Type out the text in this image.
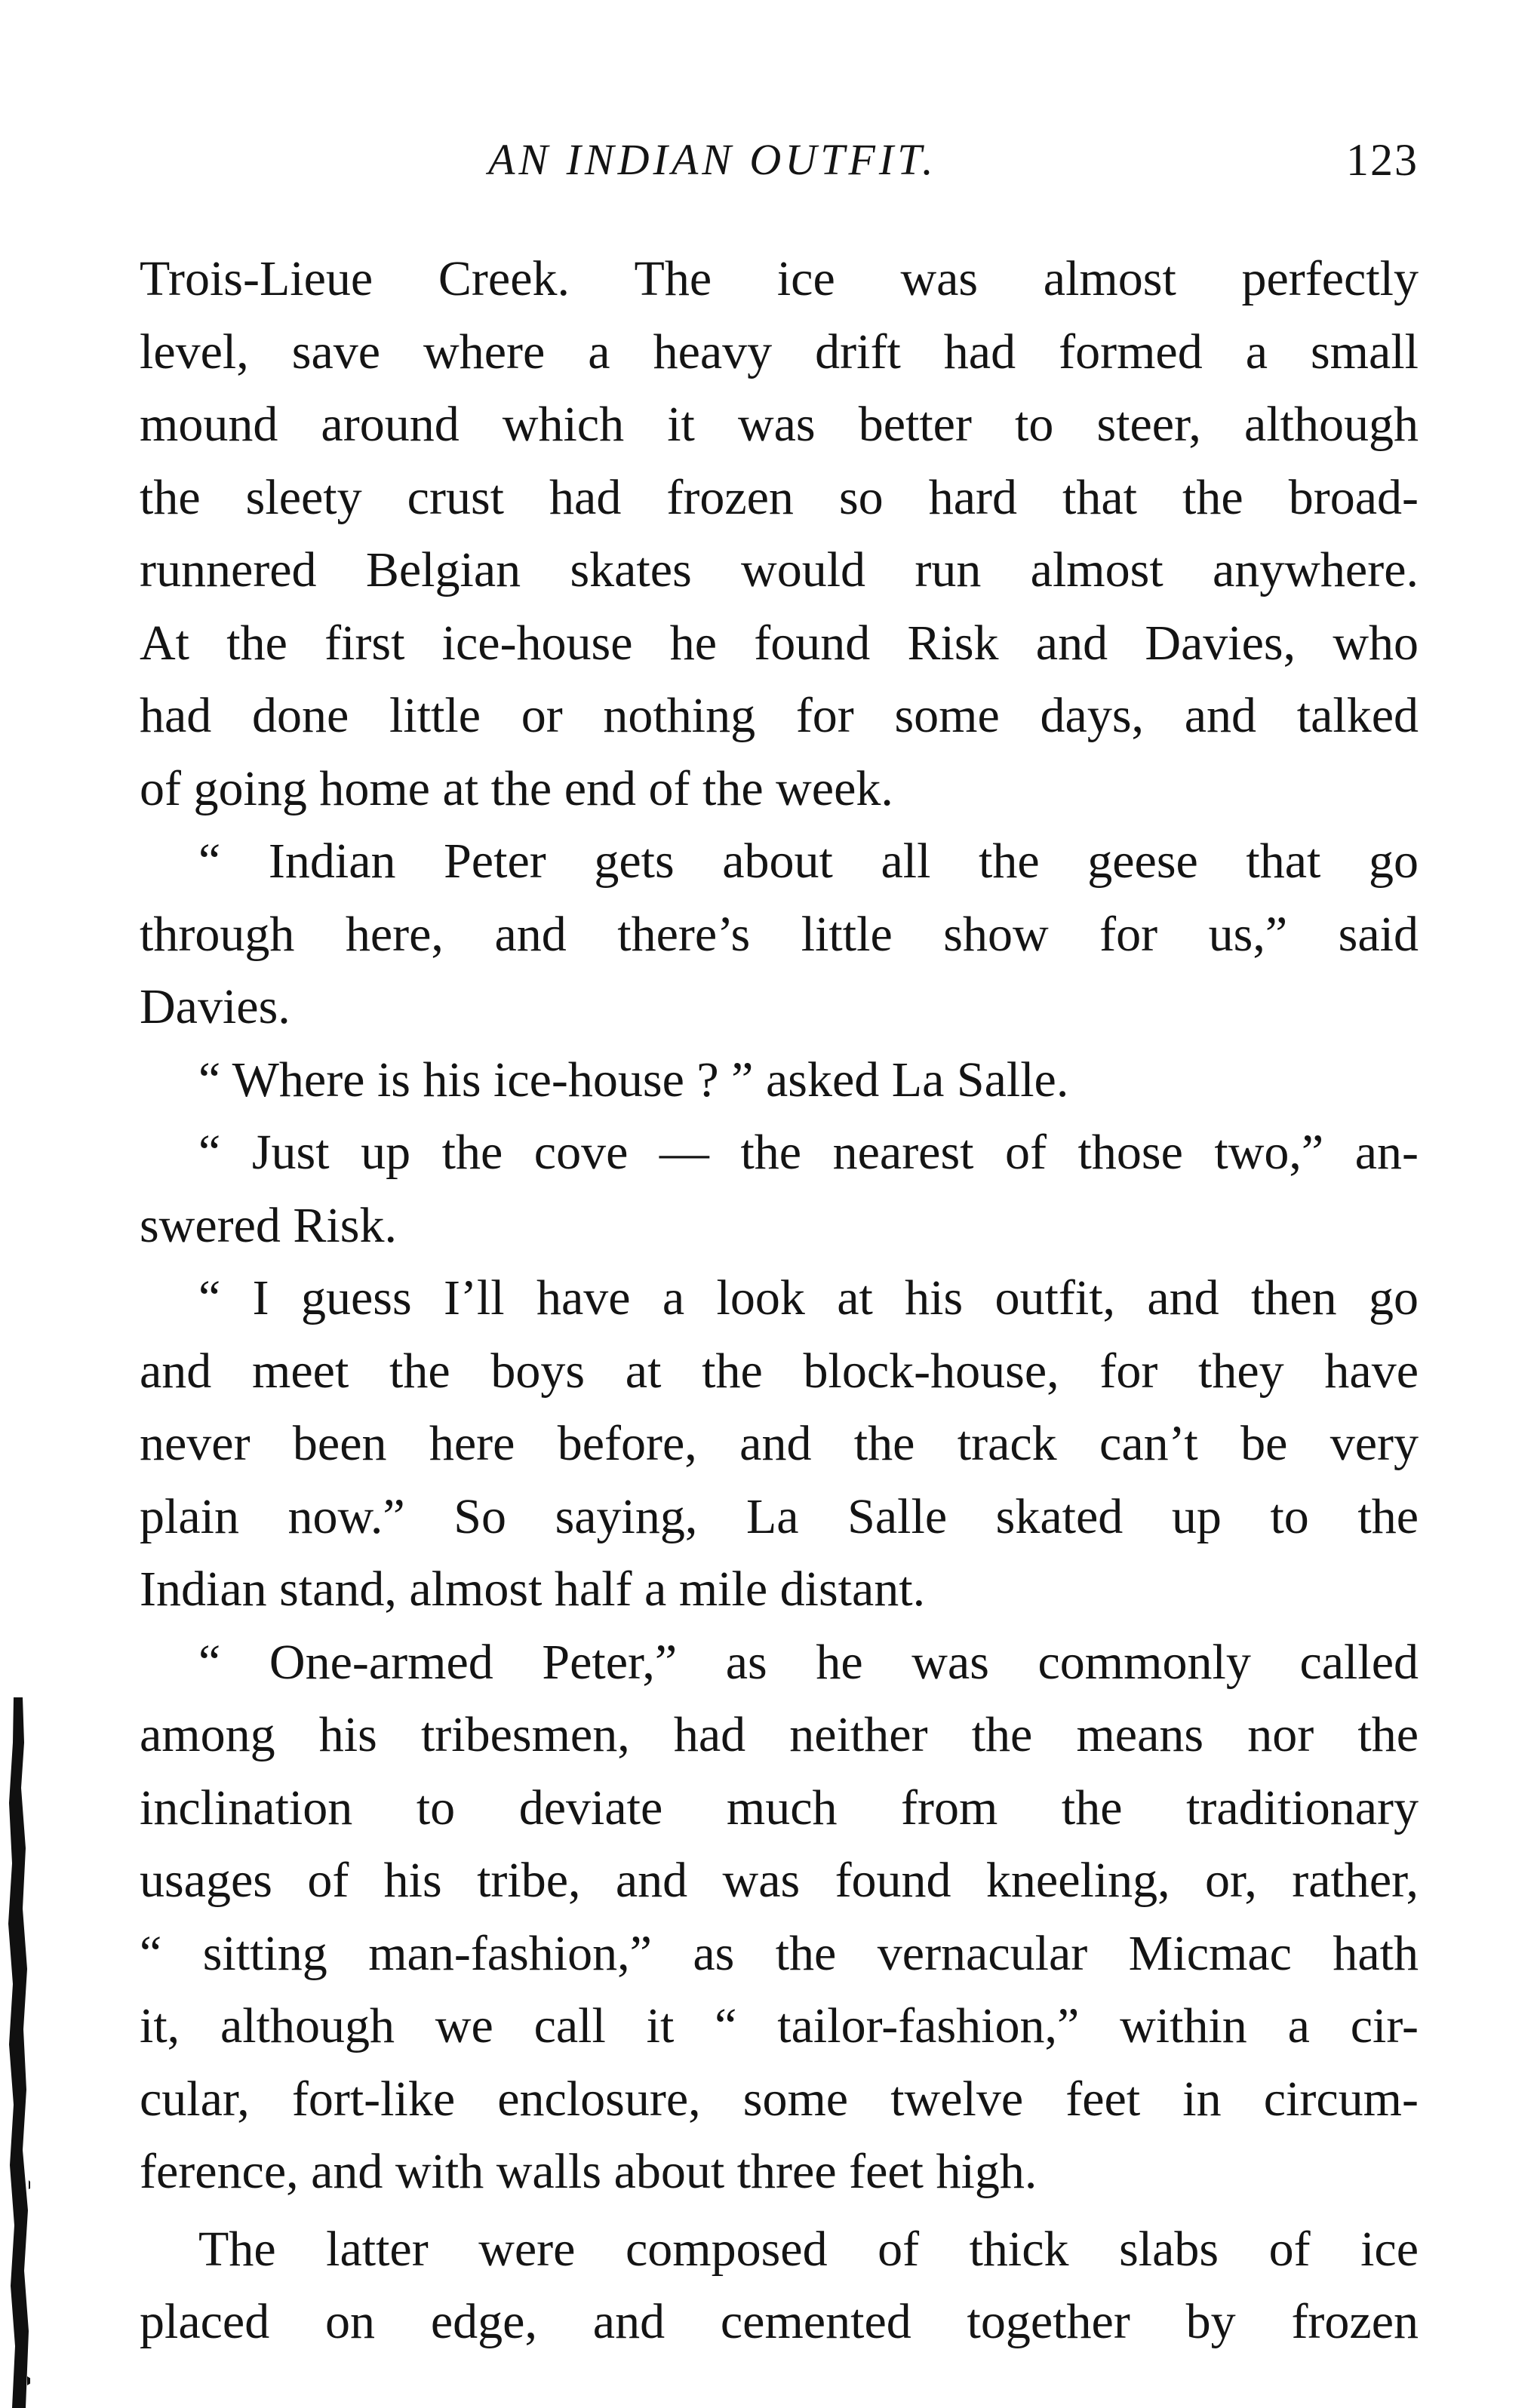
AN INDIAN OUTFIT.	123
Trois-Lieue Creek. The ice was almost perfectly
level, save where a heavy drift had formed a small
mound around which it was better to steer, although
the sleety crust had frozen so hard that the broad-
runnered Belgian skates would run almost anywhere.
At the first ice-house he found Risk and Davies, who
had done little or nothing for some days, and talked
of going home at the end of the week.
“ Indian Peter gets about all the geese that go
through here, and there’s little show for us,” said
Davies.
“ Where is his ice-house ? ” asked La Salle.
“ Just up the cove — the nearest of those two,” an-
swered Risk.
“ I guess I’ll have a look at his outfit, and then go
and meet the boys at the block-house, for they have
never been here before, and the track can’t be very
plain now.” So saying, La Salle skated up to the
Indian stand, almost half a mile distant.
“ One-armed Peter,” as he was commonly called
among his tribesmen, had neither the means nor the
inclination to deviate much from the traditionary
usages of his tribe, and was found kneeling, or, rather,
“ sitting man-fashion,” as the vernacular Micmac hath
it, although we call it “ tailor-fashion,” within a cir-
cular, fort-like enclosure, some twelve feet in circum-
ference, and with walls about three feet high.
The latter were composed of thick slabs of ice
placed on edge, and cemented together by frozen
